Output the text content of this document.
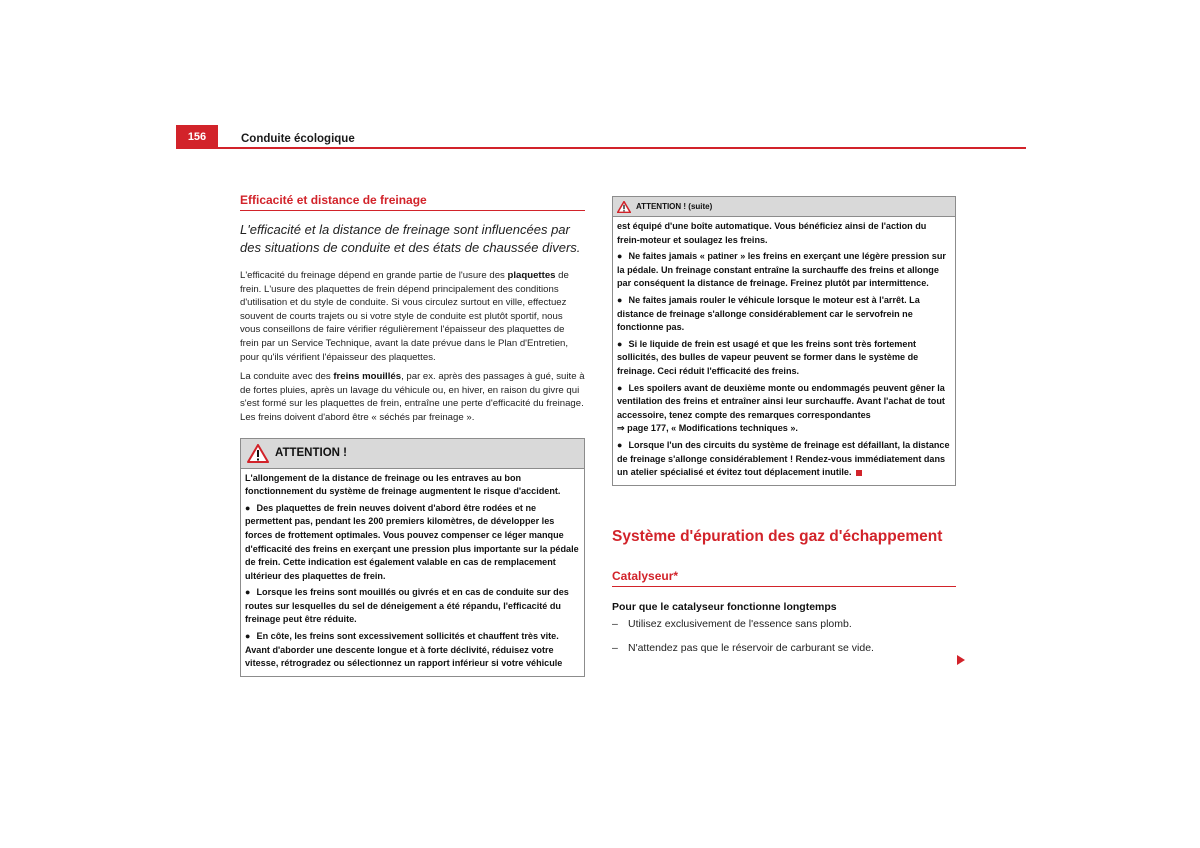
156	Conduite écologique
Efficacité et distance de freinage

L'efficacité et la distance de freinage sont influencées par des situations de conduite et des états de chaussée divers.

L'efficacité du freinage dépend en grande partie de l'usure des plaquettes de frein. L'usure des plaquettes de frein dépend principalement des conditions d'utilisation et du style de conduite. Si vous circulez surtout en ville, effectuez souvent de courts trajets ou si votre style de conduite est plutôt sportif, nous vous conseillons de faire vérifier régulièrement l'épaisseur des plaquettes de frein par un Service Technique, avant la date prévue dans le Plan d'Entretien, pour qu'ils vérifient l'épaisseur des plaquettes.

La conduite avec des freins mouillés, par ex. après des passages à gué, suite à de fortes pluies, après un lavage du véhicule ou, en hiver, en raison du givre qui s'est formé sur les plaquettes de frein, entraîne une perte d'efficacité du freinage. Les freins doivent d'abord être « séchés par freinage ».

ATTENTION !

L'allongement de la distance de freinage ou les entraves au bon fonctionnement du système de freinage augmentent le risque d'accident.

● Des plaquettes de frein neuves doivent d'abord être rodées et ne permettent pas, pendant les 200 premiers kilomètres, de développer les forces de frottement optimales. Vous pouvez compenser ce léger manque d'efficacité des freins en exerçant une pression plus importante sur la pédale de frein. Cette indication est également valable en cas de remplacement ultérieur des plaquettes de frein.

● Lorsque les freins sont mouillés ou givrés et en cas de conduite sur des routes sur lesquelles du sel de déneigement a été répandu, l'efficacité du freinage peut être réduite.

● En côte, les freins sont excessivement sollicités et chauffent très vite. Avant d'aborder une descente longue et à forte déclivité, réduisez votre vitesse, rétrogradez ou sélectionnez un rapport inférieur si votre véhicule

ATTENTION ! (suite)

est équipé d'une boîte automatique. Vous bénéficiez ainsi de l'action du frein-moteur et soulagez les freins.

● Ne faites jamais « patiner » les freins en exerçant une légère pression sur la pédale. Un freinage constant entraîne la surchauffe des freins et allonge par conséquent la distance de freinage. Freinez plutôt par intermittence.

● Ne faites jamais rouler le véhicule lorsque le moteur est à l'arrêt. La distance de freinage s'allonge considérablement car le servofrein ne fonctionne pas.

● Si le liquide de frein est usagé et que les freins sont très fortement sollicités, des bulles de vapeur peuvent se former dans le système de freinage. Ceci réduit l'efficacité des freins.

● Les spoilers avant de deuxième monte ou endommagés peuvent gêner la ventilation des freins et entraîner ainsi leur surchauffe. Avant l'achat de tout accessoire, tenez compte des remarques correspondantes
⇒ page 177, « Modifications techniques ».

● Lorsque l'un des circuits du système de freinage est défaillant, la distance de freinage s'allonge considérablement ! Rendez-vous immédiatement dans un atelier spécialisé et évitez tout déplacement inutile.

Système d'épuration des gaz d'échappement
Catalyseur*

Pour que le catalyseur fonctionne longtemps

– Utilisez exclusivement de l'essence sans plomb.
– N'attendez pas que le réservoir de carburant se vide.
